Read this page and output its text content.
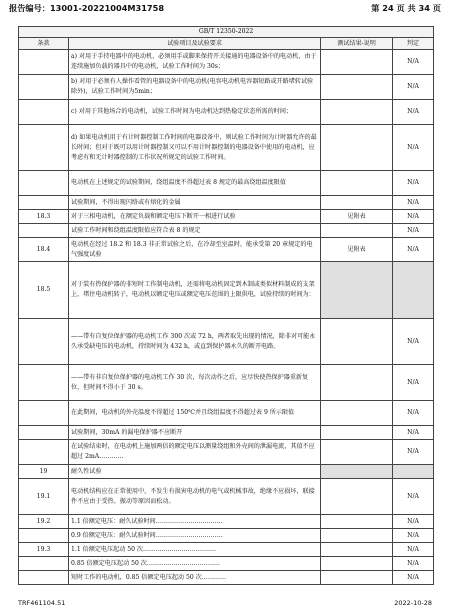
报告编号：13001-20221004M31758	第 24 页 共 34 页
GB/T 12350-2022			
条款	试验项目及试验要求	测试结果-说明	判定
	a) 对用于手持电器中的电动机、必须用手或脚来保持开关接通的电器设备中的电动机、由于连续施加负载的器具中的电动机，试验工作时间为 30s；		N/A
	b) 对用于必须有人操作看管的电器设备中的电动机(电容电动机电容器短路或开路堵转试验除外)，试验工作时间为5min；		N/A
	c) 对用于其他场合的电动机，试验工作时间为电动机达到热稳定状态所需的时间；		N/A
	d) 如果电动机用于有计时器控制工作时间的电器设备中，则试验工作时间为计时器允许的最长时间；但对于既可以用计时器控制又可以不用计时器控制的电器设备中使用的电动机，应考虑有和无计时器控制的工作状况所规定的试验工作时间。		N/A
	电动机在上述规定的试验期间，绕组温度不得超过表 8 规定的最高绕组温度限值		N/A
	试验期间，不得出现闪络或有熔化的金属		N/A
18.3	对于三相电动机，在额定负载和额定电压下断开一相进行试验	见附表	N/A
	试验工作时间和绕组温度限值应符合表 8 的规定		N/A
18.4	电动机在经过 18.2 和 18.3 非正常试验之后，在冷却至室温时，能承受第 20 章规定的电气强度试验	见附表	N/A
18.5	对于装有热保护器的非短时工作制电动机，还需将电动机固定到木制或类似材料制成的支架上，堵住电动机转子，电动机以额定电压或额定电压范围的上限供电，试验持续的时间为：		
	——带有自复位保护器的电动机工作 300 次或 72 h，两者取先出现的情况，除非对可能永久承受缺电压的电动机，持续时间为 432 h，或直到保护器永久的断开电路。		N/A
	——带有非自复位保护器的电动机工作 30 次，每次动作之后，应尽快使热保护器重新复位，但时间不得小于 30 s。		N/A
	在此期间，电动机的外壳温度不得超过 150℃并且绕组温度不得超过表 9 所示限值		N/A
	试验期间，30mA 的漏电保护器不应断开		N/A
	在试验结束时，在电动机上施加两倍的额定电压以测量绕组和外壳间的泄漏电流，其值不应超过 2mA…………		N/A
19	耐久性试验		
19.1	电动机结构应在正常使用中，不发生有损害电动机的电气或机械事故，绝缘不应损坏，联接件不应由于受热、振动等原因而松动。		N/A
19.2	1.1 倍额定电压：耐久试验时间……………………………		N/A
	0.9 倍额定电压：耐久试验时间……………………………		N/A
19.3	1.1 倍额定电压起动 50 次………………………………		N/A
	0.85 倍额定电压起动 50 次………………………………		N/A
	短时工作的电动机，0.85 倍额定电压起动 50 次…………		N/A
TRF461104.51	2022-10-28
